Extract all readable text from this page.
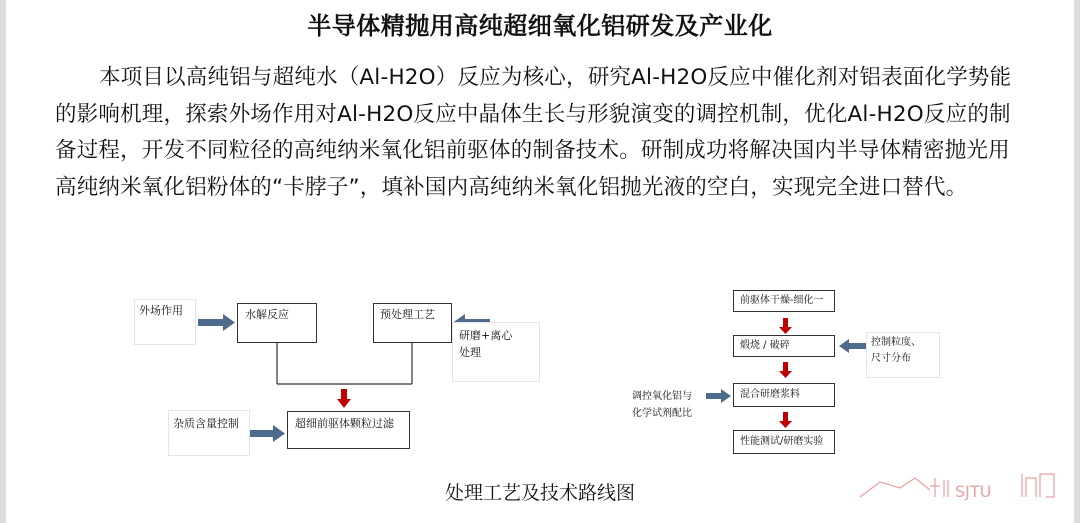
半导体精抛用高纯超细氧化铝研发及产业化
本项目以高纯铝与超纯水（Al-H2O）反应为核心，研究Al-H2O反应中催化剂对铝表面化学势能的影响机理，探索外场作用对Al-H2O反应中晶体生长与形貌演变的调控机制，优化Al-H2O反应的制备过程，开发不同粒径的高纯纳米氧化铝前驱体的制备技术。研制成功将解决国内半导体精密抛光用高纯纳米氧化铝粉体的“卡脖子”，填补国内高纯纳米氧化铝抛光液的空白，实现完全进口替代。
SJTU
外场作用	水解反应	预处理工艺
研磨+离心
处理
杂质含量控制	超细前驱体颗粒过滤
前驱体干燥-细化一
煅烧 / 破碎
混合研磨浆料
性能测试/研磨实验
控制粒度、
尺寸分布
调控氧化铝与
化学试剂配比
处理工艺及技术路线图
